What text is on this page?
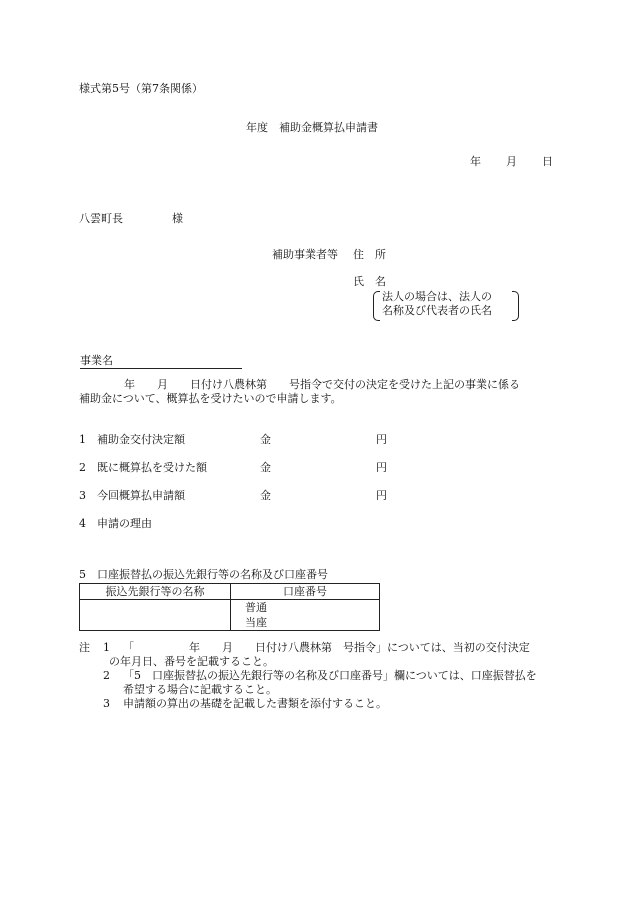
様式第5号（第7条関係）
年度　補助金概算払申請書
年　　月　　日
八雲町長	様
補助事業者等 住　所
氏　名
法人の場合は、法人の
名称及び代表者の氏名
事業名
年　　月　　日付け八農林第　　号指令で交付の決定を受けた上記の事業に係る
補助金について、概算払を受けたいので申請します。
1 補助金交付決定額	金	円
2 既に概算払を受けた額	金	円
3 今回概算払申請額	金	円
4 申請の理由
5　口座振替払の振込先銀行等の名称及び口座番号
振込先銀行等の名称	口座番号

	普通
当座
注 1 「　　　　　年　　月　　日付け八農林第　号指令」については、当初の交付決定
の年月日、番号を記載すること。
2 「5　口座振替払の振込先銀行等の名称及び口座番号」欄については、口座振替払を
希望する場合に記載すること。
3 申請額の算出の基礎を記載した書類を添付すること。
